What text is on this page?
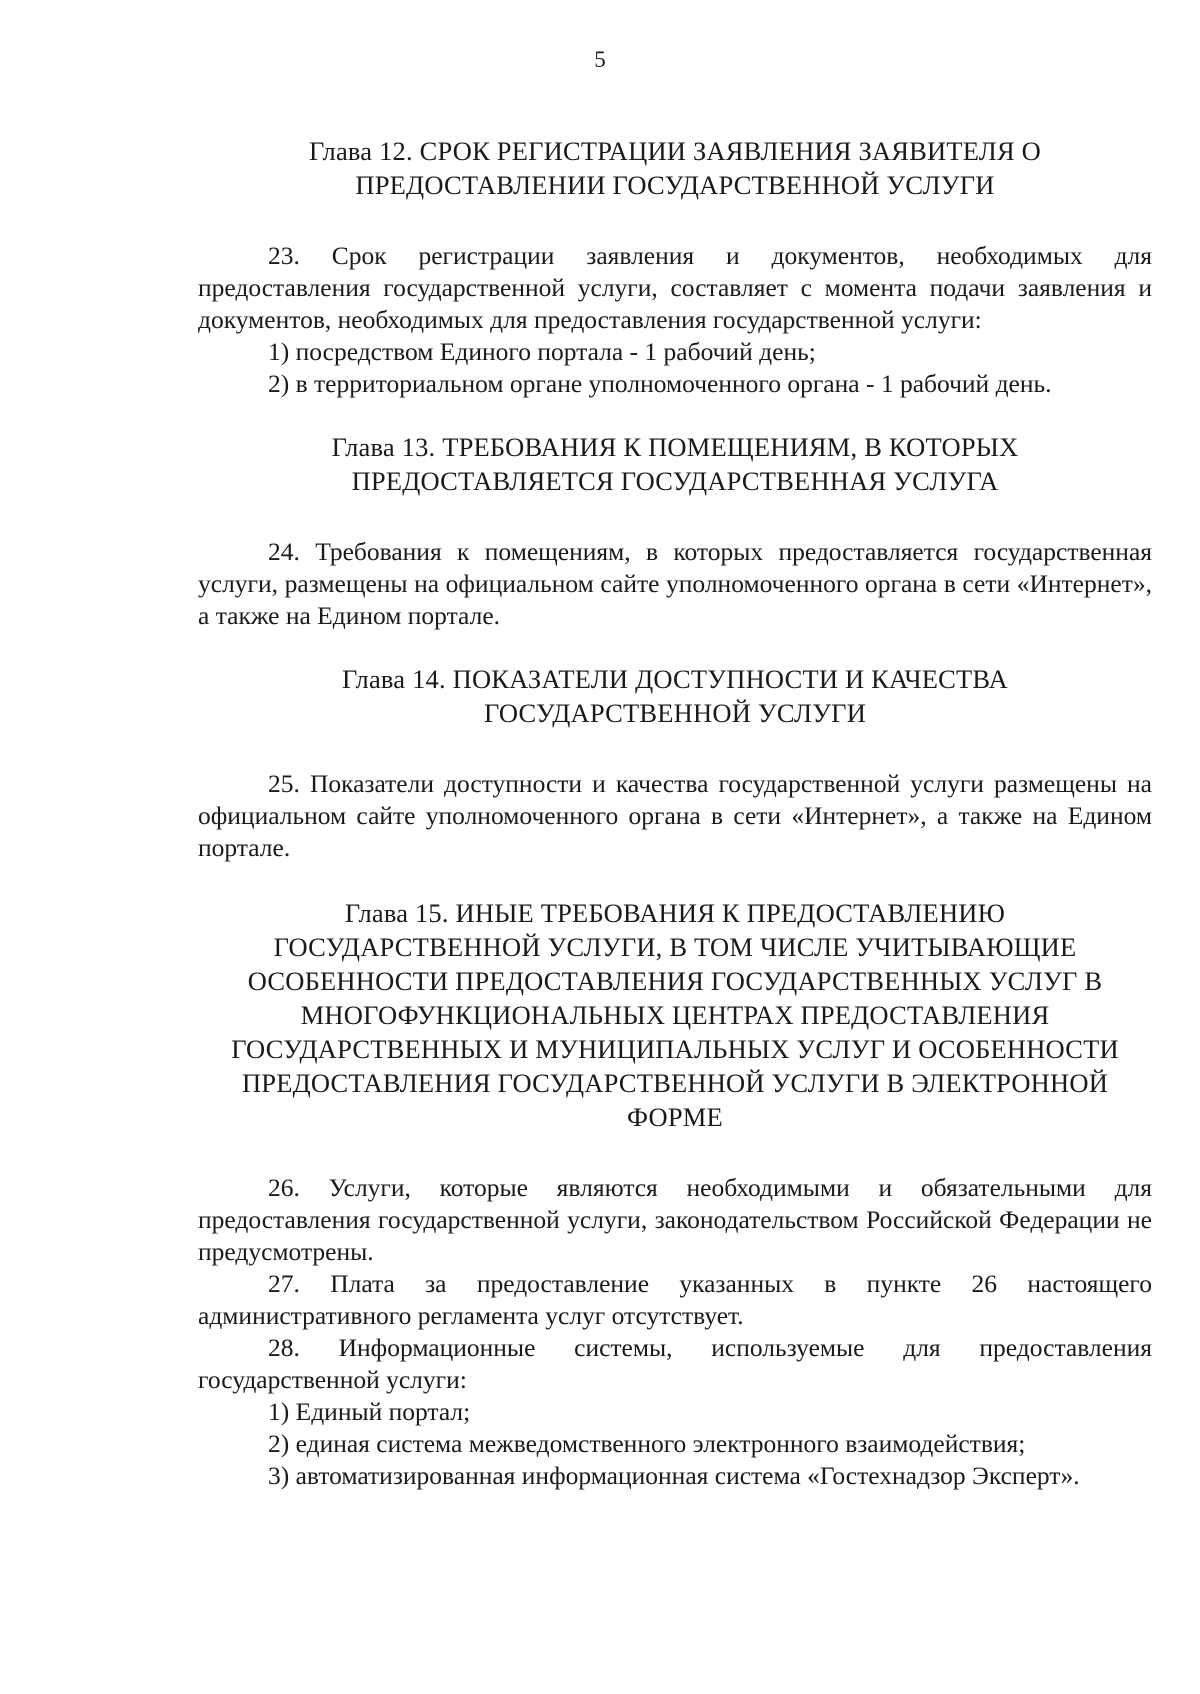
5
Глава 12. СРОК РЕГИСТРАЦИИ ЗАЯВЛЕНИЯ ЗАЯВИТЕЛЯ О
ПРЕДОСТАВЛЕНИИ ГОСУДАРСТВЕННОЙ УСЛУГИ

23. Срок регистрации заявления и документов, необходимых для предоставления государственной услуги, составляет с момента подачи заявления и документов, необходимых для предоставления государственной услуги:

1) посредством Единого портала - 1 рабочий день;

2) в территориальном органе уполномоченного органа - 1 рабочий день.

Глава 13. ТРЕБОВАНИЯ К ПОМЕЩЕНИЯМ, В КОТОРЫХ
ПРЕДОСТАВЛЯЕТСЯ ГОСУДАРСТВЕННАЯ УСЛУГА

24. Требования к помещениям, в которых предоставляется государственная услуги, размещены на официальном сайте уполномоченного органа в сети «Интернет», а также на Едином портале.

Глава 14. ПОКАЗАТЕЛИ ДОСТУПНОСТИ И КАЧЕСТВА
ГОСУДАРСТВЕННОЙ УСЛУГИ

25. Показатели доступности и качества государственной услуги размещены на официальном сайте уполномоченного органа в сети «Интернет», а также на Едином портале.

Глава 15. ИНЫЕ ТРЕБОВАНИЯ К ПРЕДОСТАВЛЕНИЮ
ГОСУДАРСТВЕННОЙ УСЛУГИ, В ТОМ ЧИСЛЕ УЧИТЫВАЮЩИЕ
ОСОБЕННОСТИ ПРЕДОСТАВЛЕНИЯ ГОСУДАРСТВЕННЫХ УСЛУГ В
МНОГОФУНКЦИОНАЛЬНЫХ ЦЕНТРАХ ПРЕДОСТАВЛЕНИЯ
ГОСУДАРСТВЕННЫХ И МУНИЦИПАЛЬНЫХ УСЛУГ И ОСОБЕННОСТИ
ПРЕДОСТАВЛЕНИЯ ГОСУДАРСТВЕННОЙ УСЛУГИ В ЭЛЕКТРОННОЙ
ФОРМЕ

26. Услуги, которые являются необходимыми и обязательными для предоставления государственной услуги, законодательством Российской Федерации не предусмотрены.

27. Плата за предоставление указанных в пункте 26 настоящего административного регламента услуг отсутствует.

28. Информационные системы, используемые для предоставления государственной услуги:

1) Единый портал;

2) единая система межведомственного электронного взаимодействия;

3) автоматизированная информационная система «Гостехнадзор Эксперт».
